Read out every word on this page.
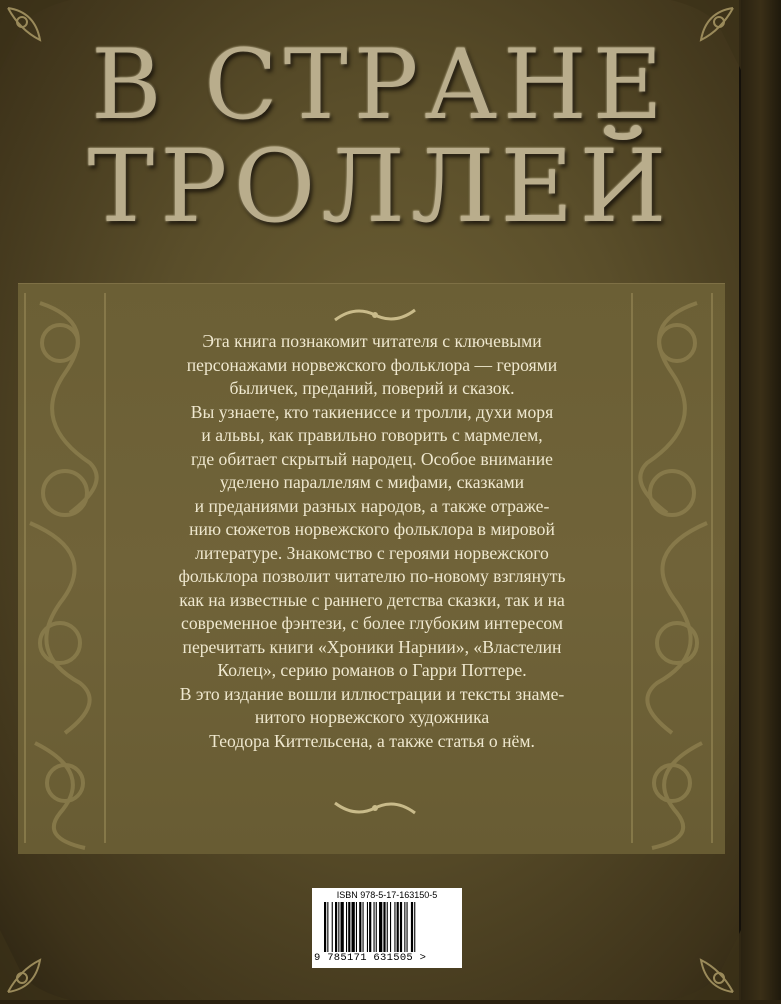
В СТРАНЕ
ТРОЛЛЕЙ
Эта книга познакомит читателя с ключевыми
персонажами норвежского фольклора — героями
быличек, преданий, поверий и сказок.
Вы узнаете, кто такиениссе и тролли, духи моря
и альвы, как правильно говорить с мармелем,
где обитает скрытый народец. Особое внимание
уделено параллелям с мифами, сказками
и преданиями разных народов, а также отраже-
нию сюжетов норвежского фольклора в мировой
литературе. Знакомство с героями норвежского
фольклора позволит читателю по-новому взглянуть
как на известные с раннего детства сказки, так и на
современное фэнтези, с более глубоким интересом
перечитать книги «Хроники Нарнии», «Властелин
Колец», серию романов о Гарри Поттере.
В это издание вошли иллюстрации и тексты знаме-
нитого норвежского художника
Теодора Киттельсена, а также статья о нём.
ISBN 978-5-17-163150-5
9 785171 631505 >
